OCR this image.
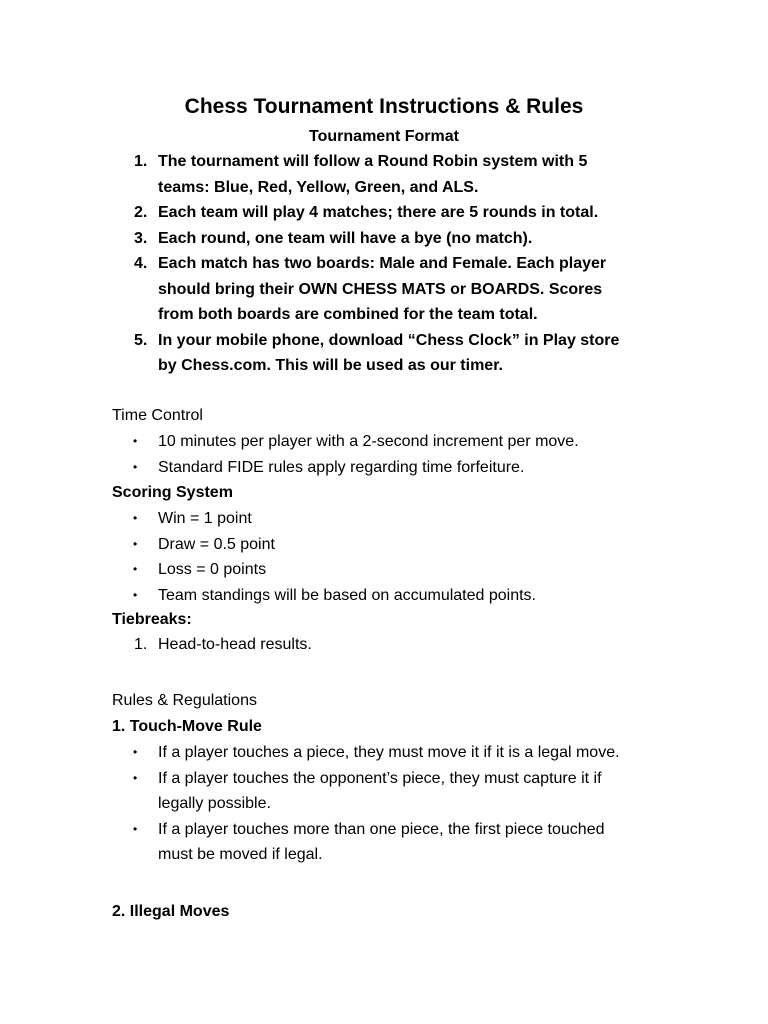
Chess Tournament Instructions & Rules
Tournament Format
1. The tournament will follow a Round Robin system with 5 teams: Blue, Red, Yellow, Green, and ALS.
2. Each team will play 4 matches; there are 5 rounds in total.
3. Each round, one team will have a bye (no match).
4. Each match has two boards: Male and Female. Each player should bring their OWN CHESS MATS or BOARDS. Scores from both boards are combined for the team total.
5. In your mobile phone, download “Chess Clock” in Play store by Chess.com. This will be used as our timer.
Time Control
• 10 minutes per player with a 2-second increment per move.
• Standard FIDE rules apply regarding time forfeiture.
Scoring System
• Win = 1 point
• Draw = 0.5 point
• Loss = 0 points
• Team standings will be based on accumulated points.
Tiebreaks:
1. Head-to-head results.
Rules & Regulations
1. Touch-Move Rule
• If a player touches a piece, they must move it if it is a legal move.
• If a player touches the opponent’s piece, they must capture it if legally possible.
• If a player touches more than one piece, the first piece touched must be moved if legal.
2. Illegal Moves
